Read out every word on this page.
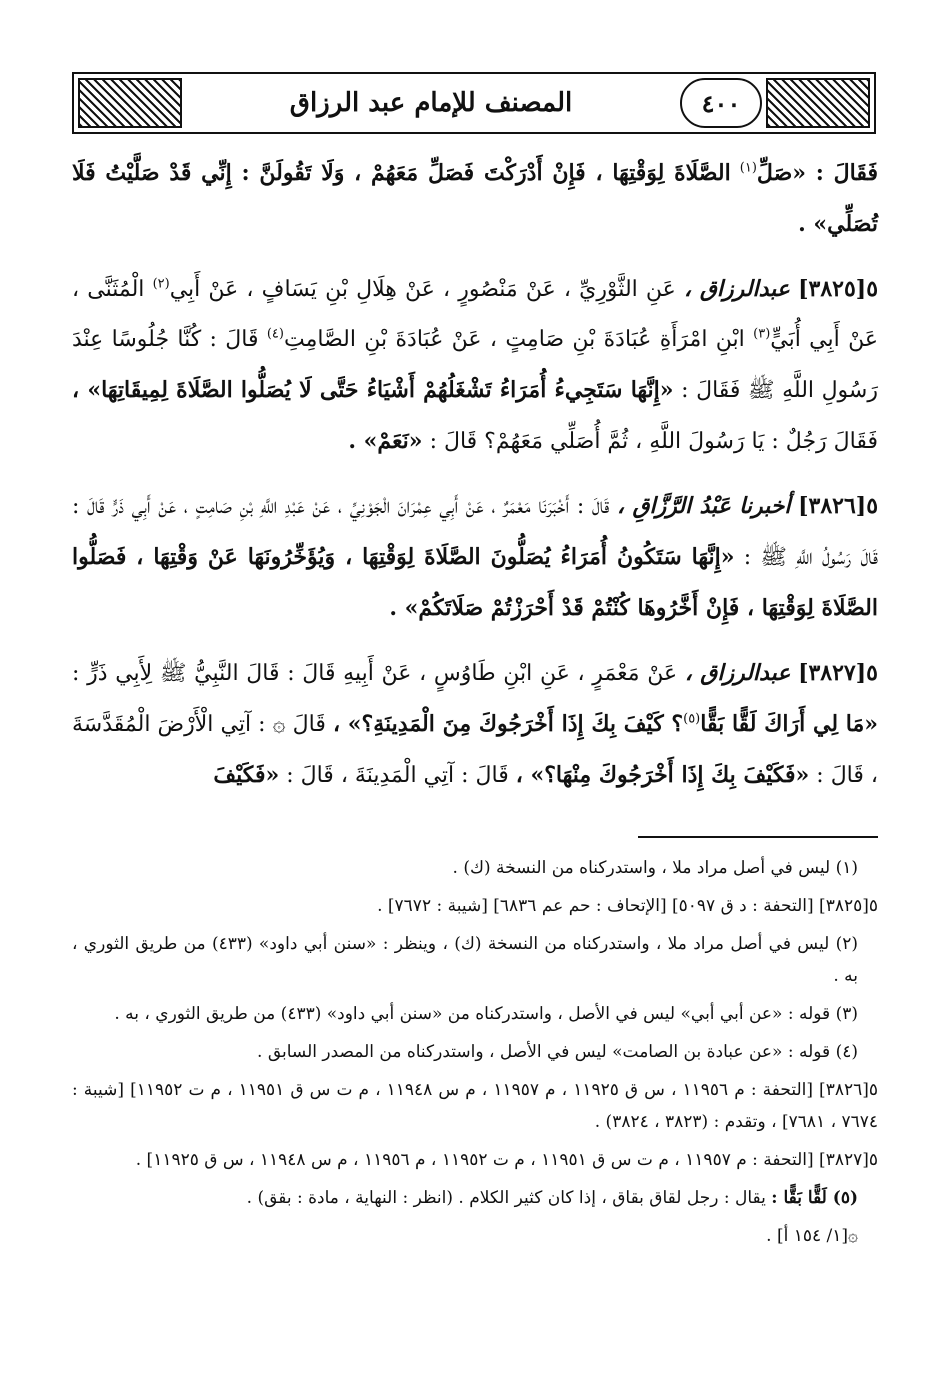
المصنف للإمام عبد الرزاق	٤٠٠

فَقَالَ : «صَلِّ$^{(١)}$ الصَّلَاةَ لِوَقْتِهَا ، فَإِنْ أَدْرَكْتَ فَصَلِّ مَعَهُمْ ، وَلَا تَقُولَنَّ : إِنِّي قَدْ صَلَّيْتُ فَلَا تُصَلِّي» .

٥[٣٨٢٥] عبدالرزاق ، عَنِ الثَّوْرِيِّ ، عَنْ مَنْصُورٍ ، عَنْ هِلَالِ بْنِ يَسَافٍ ، عَنْ أَبِي$^{(٢)}$ الْمُثَنَّى ، عَنْ أَبِي أُبَيٍّ$^{(٣)}$ ابْنِ امْرَأَةِ عُبَادَةَ بْنِ صَامِتٍ ، عَنْ عُبَادَةَ بْنِ الصَّامِتِ$^{(٤)}$ قَالَ : كُنَّا جُلُوسًا عِنْدَ رَسُولِ اللَّهِ ﷺ فَقَالَ : «إِنَّهَا سَتَجِيءُ أُمَرَاءُ تَشْغَلُهُمْ أَشْيَاءُ حَتَّى لَا يُصَلُّوا الصَّلَاةَ لِمِيقَاتِهَا» ، فَقَالَ رَجُلٌ : يَا رَسُولَ اللَّهِ ، ثُمَّ أُصَلِّي مَعَهُمْ؟ قَالَ : «نَعَمْ» .

٥[٣٨٢٦] أخبرنا عَبْدُ الرَّزَّاقِ ، قَالَ : أَخْبَرَنَا مَعْمَرٌ ، عَنْ أَبِي عِمْرَانَ الْجَوْنِيِّ ، عَنْ عَبْدِ اللَّهِ بْنِ صَامِتٍ ، عَنْ أَبِي ذَرٍّ قَالَ : قَالَ رَسُولُ اللَّهِ ﷺ : «إِنَّهَا سَتَكُونُ أُمَرَاءُ يُصَلُّونَ الصَّلَاةَ لِوَقْتِهَا ، وَيُؤَخِّرُونَهَا عَنْ وَقْتِهَا ، فَصَلُّوا الصَّلَاةَ لِوَقْتِهَا ، فَإِنْ أَخَّرُوهَا كُنْتُمْ قَدْ أَحْرَزْتُمْ صَلَاتَكُمْ» .

٥[٣٨٢٧] عبدالرزاق ، عَنْ مَعْمَرٍ ، عَنِ ابْنِ طَاوُسٍ ، عَنْ أَبِيهِ قَالَ : قَالَ النَّبِيُّ ﷺ لِأَبِي ذَرٍّ : «مَا لِي أَرَاكَ لَقًّا بَقًّا$^{(٥)}$؟ كَيْفَ بِكَ إِذَا أَخْرَجُوكَ مِنَ الْمَدِينَةِ؟» ، قَالَ ۞ : آتِي الْأَرْضَ الْمُقَدَّسَةَ ، قَالَ : «فَكَيْفَ بِكَ إِذَا أَخْرَجُوكَ مِنْهَا؟» ، قَالَ : آتِي الْمَدِينَةَ ، قَالَ : «فَكَيْفَ

(١) ليس في أصل مراد ملا ، واستدركناه من النسخة (ك) .

٥[٣٨٢٥] [التحفة : د ق ٥٠٩٧] [الإتحاف : حم عم ٦٨٣٦] [شيبة : ٧٦٧٢] .

(٢) ليس في أصل مراد ملا ، واستدركناه من النسخة (ك) ، وينظر : «سنن أبي داود» (٤٣٣) من طريق الثوري ، به .

(٣) قوله : «عن أبي أبي» ليس في الأصل ، واستدركناه من «سنن أبي داود» (٤٣٣) من طريق الثوري ، به .

(٤) قوله : «عن عبادة بن الصامت» ليس في الأصل ، واستدركناه من المصدر السابق .

٥[٣٨٢٦] [التحفة : م ١١٩٥٦ ، س ق ١١٩٢٥ ، م ١١٩٥٧ ، م س ١١٩٤٨ ، م ت س ق ١١٩٥١ ، م ت ١١٩٥٢] [شيبة : ٧٦٧٤ ، ٧٦٨١] ، وتقدم : (٣٨٢٣ ، ٣٨٢٤) .

٥[٣٨٢٧] [التحفة : م ١١٩٥٧ ، م ت س ق ١١٩٥١ ، م ت ١١٩٥٢ ، م ١١٩٥٦ ، م س ١١٩٤٨ ، س ق ١١٩٢٥] .

(٥) لَقًّا بَقًّا : يقال : رجل لقاق بقاق ، إذا كان كثير الكلام . (انظر : النهاية ، مادة : بقق) .

۞[١/ ١٥٤ أ] .
